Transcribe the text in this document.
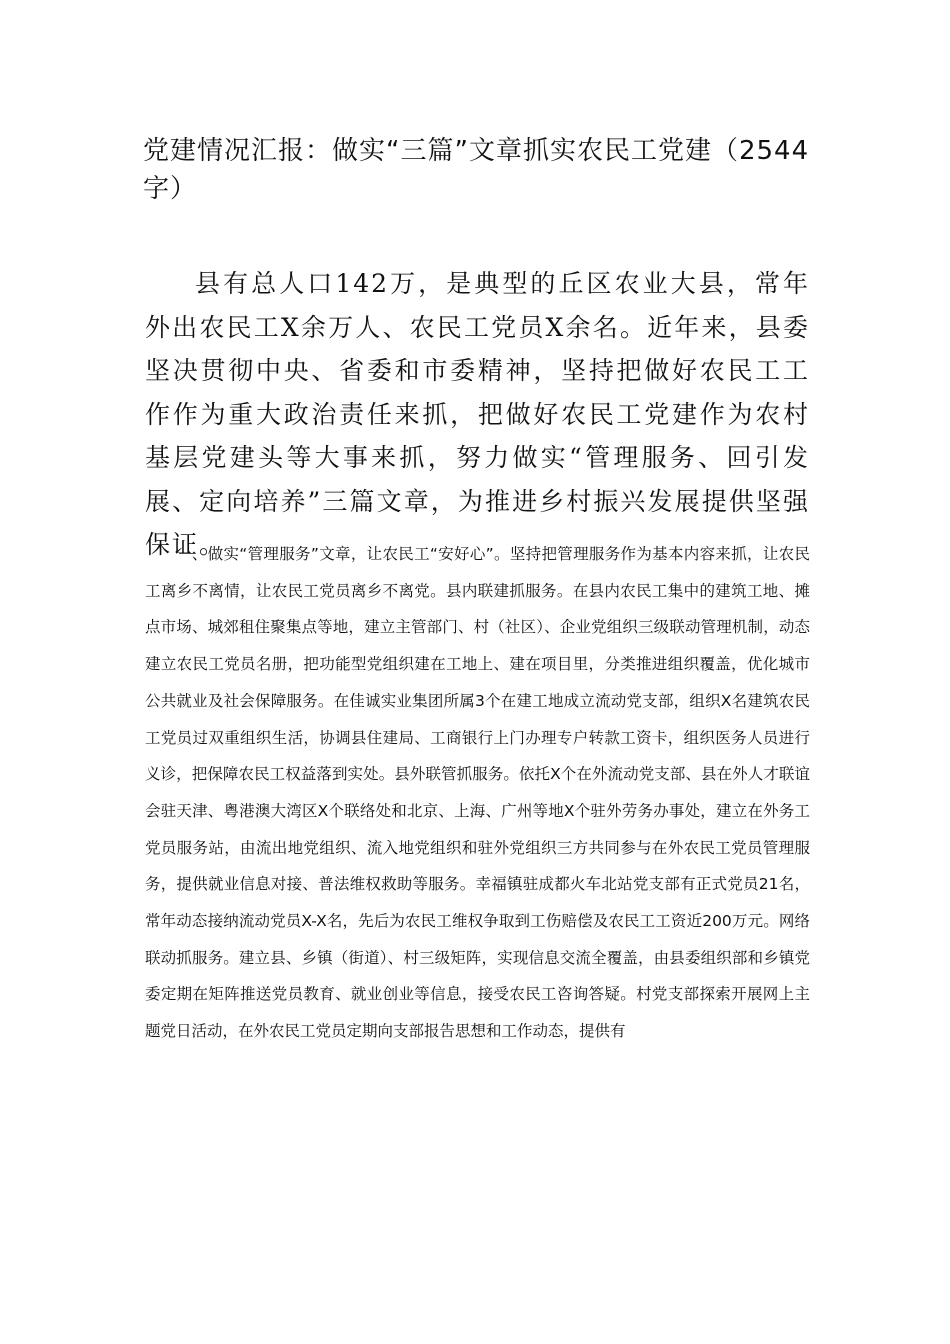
党建情况汇报：做实“三篇”文章抓实农民工党建（2544字）

县有总人口142万，是典型的丘区农业大县，常年外出农民工X余万人、农民工党员X余名。近年来，县委坚决贯彻中央、省委和市委精神，坚持把做好农民工工作作为重大政治责任来抓，把做好农民工党建作为农村基层党建头等大事来抓，努力做实“管理服务、回引发展、定向培养”三篇文章，为推进乡村振兴发展提供坚强保证。

一、做实“管理服务”文章，让农民工“安好心”。坚持把管理服务作为基本内容来抓，让农民工离乡不离情，让农民工党员离乡不离党。县内联建抓服务。在县内农民工集中的建筑工地、摊点市场、城郊租住聚集点等地，建立主管部门、村（社区）、企业党组织三级联动管理机制，动态建立农民工党员名册，把功能型党组织建在工地上、建在项目里，分类推进组织覆盖，优化城市公共就业及社会保障服务。在佳诚实业集团所属3个在建工地成立流动党支部，组织X名建筑农民工党员过双重组织生活，协调县住建局、工商银行上门办理专户转款工资卡，组织医务人员进行义诊，把保障农民工权益落到实处。县外联管抓服务。依托X个在外流动党支部、县在外人才联谊会驻天津、粤港澳大湾区X个联络处和北京、上海、广州等地X个驻外劳务办事处，建立在外务工党员服务站，由流出地党组织、流入地党组织和驻外党组织三方共同参与在外农民工党员管理服务，提供就业信息对接、普法维权救助等服务。幸福镇驻成都火车北站党支部有正式党员21名，常年动态接纳流动党员X-X名，先后为农民工维权争取到工伤赔偿及农民工工资近200万元。网络联动抓服务。建立县、乡镇（街道）、村三级矩阵，实现信息交流全覆盖，由县委组织部和乡镇党委定期在矩阵推送党员教育、就业创业等信息，接受农民工咨询答疑。村党支部探索开展网上主题党日活动，在外农民工党员定期向支部报告思想和工作动态，提供有
